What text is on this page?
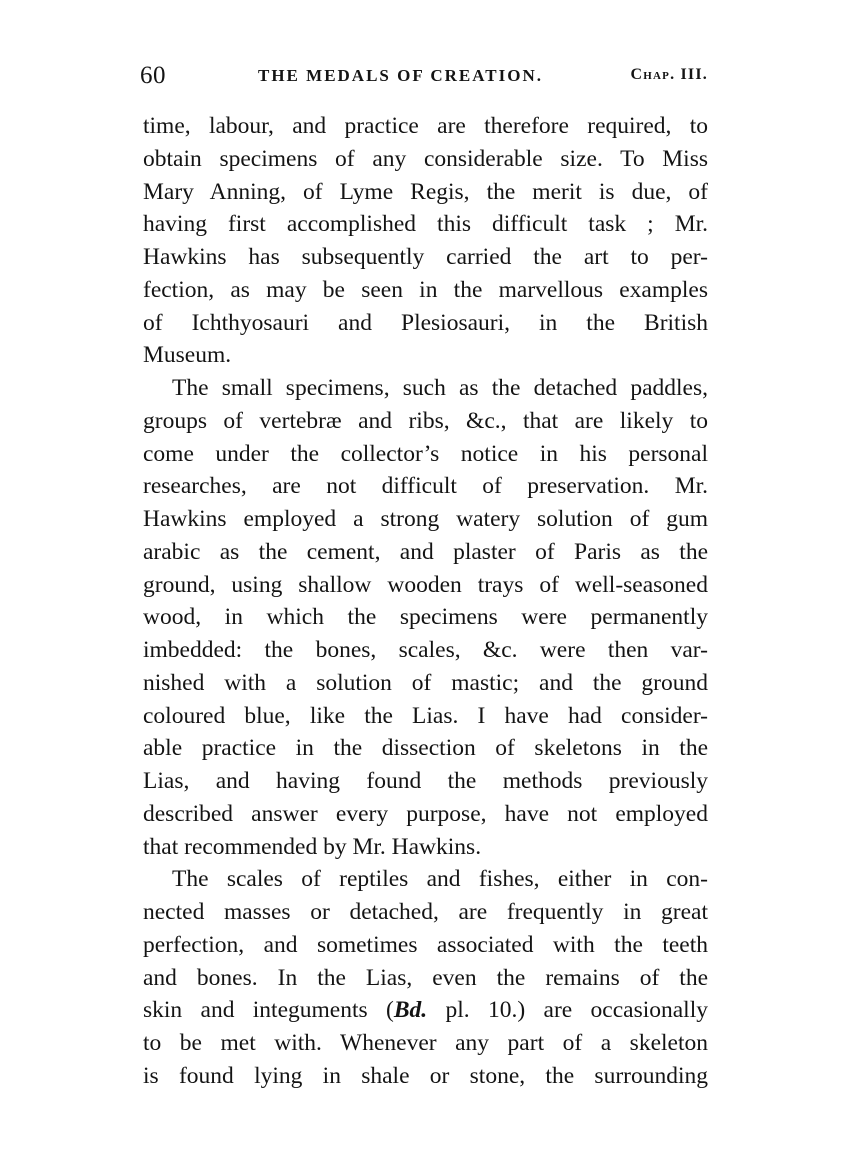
60	THE MEDALS OF CREATION.	Chap. III.
time, labour, and practice are therefore required, to
obtain specimens of any considerable size. To Miss
Mary Anning, of Lyme Regis, the merit is due, of
having first accomplished this difficult task ; Mr.
Hawkins has subsequently carried the art to per-
fection, as may be seen in the marvellous examples
of Ichthyosauri and Plesiosauri, in the British
Museum.
The small specimens, such as the detached paddles,
groups of vertebræ and ribs, &c., that are likely to
come under the collector’s notice in his personal
researches, are not difficult of preservation. Mr.
Hawkins employed a strong watery solution of gum
arabic as the cement, and plaster of Paris as the
ground, using shallow wooden trays of well-seasoned
wood, in which the specimens were permanently
imbedded: the bones, scales, &c. were then var-
nished with a solution of mastic; and the ground
coloured blue, like the Lias. I have had consider-
able practice in the dissection of skeletons in the
Lias, and having found the methods previously
described answer every purpose, have not employed
that recommended by Mr. Hawkins.
The scales of reptiles and fishes, either in con-
nected masses or detached, are frequently in great
perfection, and sometimes associated with the teeth
and bones. In the Lias, even the remains of the
skin and integuments (Bd. pl. 10.) are occasionally
to be met with. Whenever any part of a skeleton
is found lying in shale or stone, the surrounding
